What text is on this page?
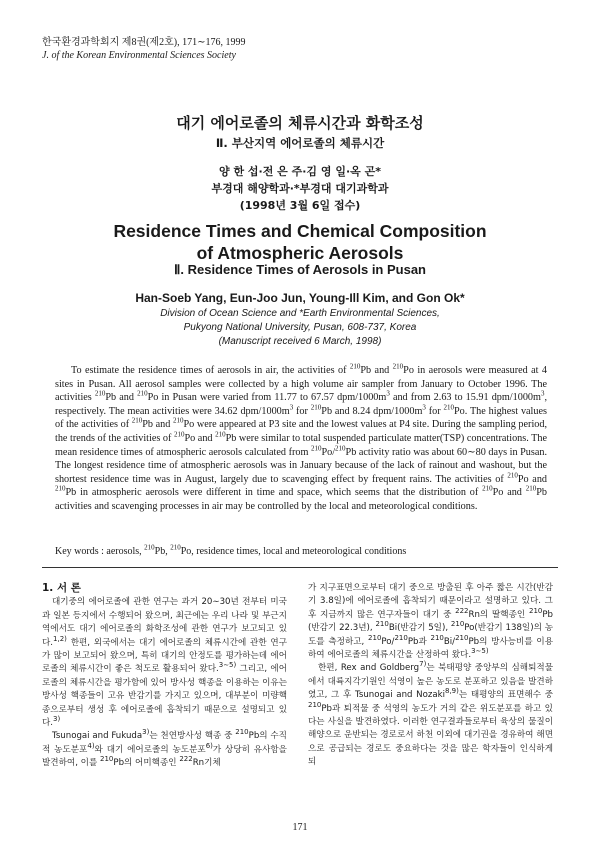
한국환경과학회지 제8권(제2호), 171∼176, 1999
J. of the Korean Environmental Sciences Society
대기 에어로졸의 체류시간과 화학조성
Ⅱ. 부산지역 에어로졸의 체류시간
양 한 섭·전 은 주·김 영 일·옥 곤*
부경대 해양학과·*부경대 대기과학과
(1998년 3월 6일 접수)
Residence Times and Chemical Composition
of Atmospheric Aerosols
Ⅱ. Residence Times of Aerosols in Pusan
Han-Soeb Yang, Eun-Joo Jun, Young-Ill Kim, and Gon Ok*
Division of Ocean Science and *Earth Environmental Sciences,
Pukyong National University, Pusan, 608-737, Korea
(Manuscript received 6 March, 1998)

To estimate the residence times of aerosols in air, the activities of $^{210}$Pb and $^{210}$Po in aerosols were measured at 4 sites in Pusan. All aerosol samples were collected by a high volume air sampler from January to October 1996. The activities $^{210}$Pb and $^{210}$Po in Pusan were varied from 11.77 to 67.57 dpm/$1000m^3$ and from 2.63 to 15.91 dpm/$1000m^3$, respectively. The mean activities were 34.62 dpm/$1000m^3$ for $^{210}$Pb and 8.24 dpm/$1000m^3$ for $^{210}$Po. The highest values of the activities of $^{210}$Pb and $^{210}$Po were appeared at P3 site and the lowest values at P4 site. During the sampling period, the trends of the activities of $^{210}$Po and $^{210}$Pb were similar to total suspended particulate matter(TSP) concentrations. The mean residence times of atmospheric aerosols calculated from $^{210}$Po/$^{210}$Pb activity ratio was about 60∼80 days in Pusan. The longest residence time of atmospheric aerosols was in January because of the lack of rainout and washout, but the shortest residence time was in August, largely due to scavenging effect by frequent rains. The activities of $^{210}$Po and $^{210}$Pb in atmospheric aerosols were different in time and space, which seems that the distribution of $^{210}$Po and $^{210}$Pb activities and scavenging processes in air may be controlled by the local and meteorological conditions.

Key words : aerosols, $^{210}$Pb, $^{210}$Po, residence times, local and meteorological conditions

1. 서 론

대기중의 에어로졸에 관한 연구는 과거 20∼30년 전부터 미국과 일본 등지에서 수행되어 왔으며, 최근에는 우리 나라 및 부근지역에서도 대기 에어로졸의 화학조성에 관한 연구가 보고되고 있다.$^{1,2)}$ 한편, 외국에서는 대기 에어로졸의 체류시간에 관한 연구가 많이 보고되어 왔으며, 특히 대기의 안정도를 평가하는데 에어로졸의 체류시간이 좋은 척도로 활용되어 왔다.$^{3\sim 5)}$ 그리고, 에어로졸의 체류시간을 평가함에 있어 방사성 핵종을 이용하는 이유는 방사성 핵종들이 고유 반감기를 가지고 있으며, 대부분이 미량핵종으로부터 생성 후 에어로졸에 흡착되기 때문으로 설명되고 있다.$^{3)}$

Tsunogai and Fukuda$^{3)}$는 천연방사성 핵종 중 $^{210}$Pb의 수직적 농도분포$^{4)}$와 대기 에어로졸의 농도분포$^{6)}$가 상당히 유사함을 발견하여, 이를 $^{210}$Pb의 어미핵종인 $^{222}$Rn기체

가 지구표면으로부터 대기 중으로 방출된 후 아주 짧은 시간(반감기 3.8일)에 에어로졸에 흡착되기 때문이라고 설명하고 있다. 그 후 지금까지 많은 연구자들이 대기 중 $^{222}$Rn의 딸핵종인 $^{210}$Pb (반감기 22.3년), $^{210}$Bi(반감기 5일), $^{210}$Po(반감기 138일)의 농도를 측정하고, $^{210}$Po/$^{210}$Pb과 $^{210}$Bi/$^{210}$Pb의 방사능비를 이용하여 에어로졸의 체류시간을 산정하여 왔다.$^{3\sim 5)}$

한편, Rex and Goldberg$^{7)}$는 북태평양 중앙부의 심해퇴적물에서 대륙지각기원인 석영이 높은 농도로 분포하고 있음을 발견하였고, 그 후 Tsunogai and Nozaki$^{8,9)}$는 태평양의 표면해수 중 $^{210}$Pb과 퇴적물 중 석영의 농도가 거의 같은 위도분포를 하고 있다는 사실을 발견하였다. 이러한 연구결과들로부터 육상의 물질이 해양으로 운반되는 경로로서 하천 이외에 대기권을 경유하여 해면으로 공급되는 경로도 중요하다는 것을 많은 학자들이 인식하게 되

171
